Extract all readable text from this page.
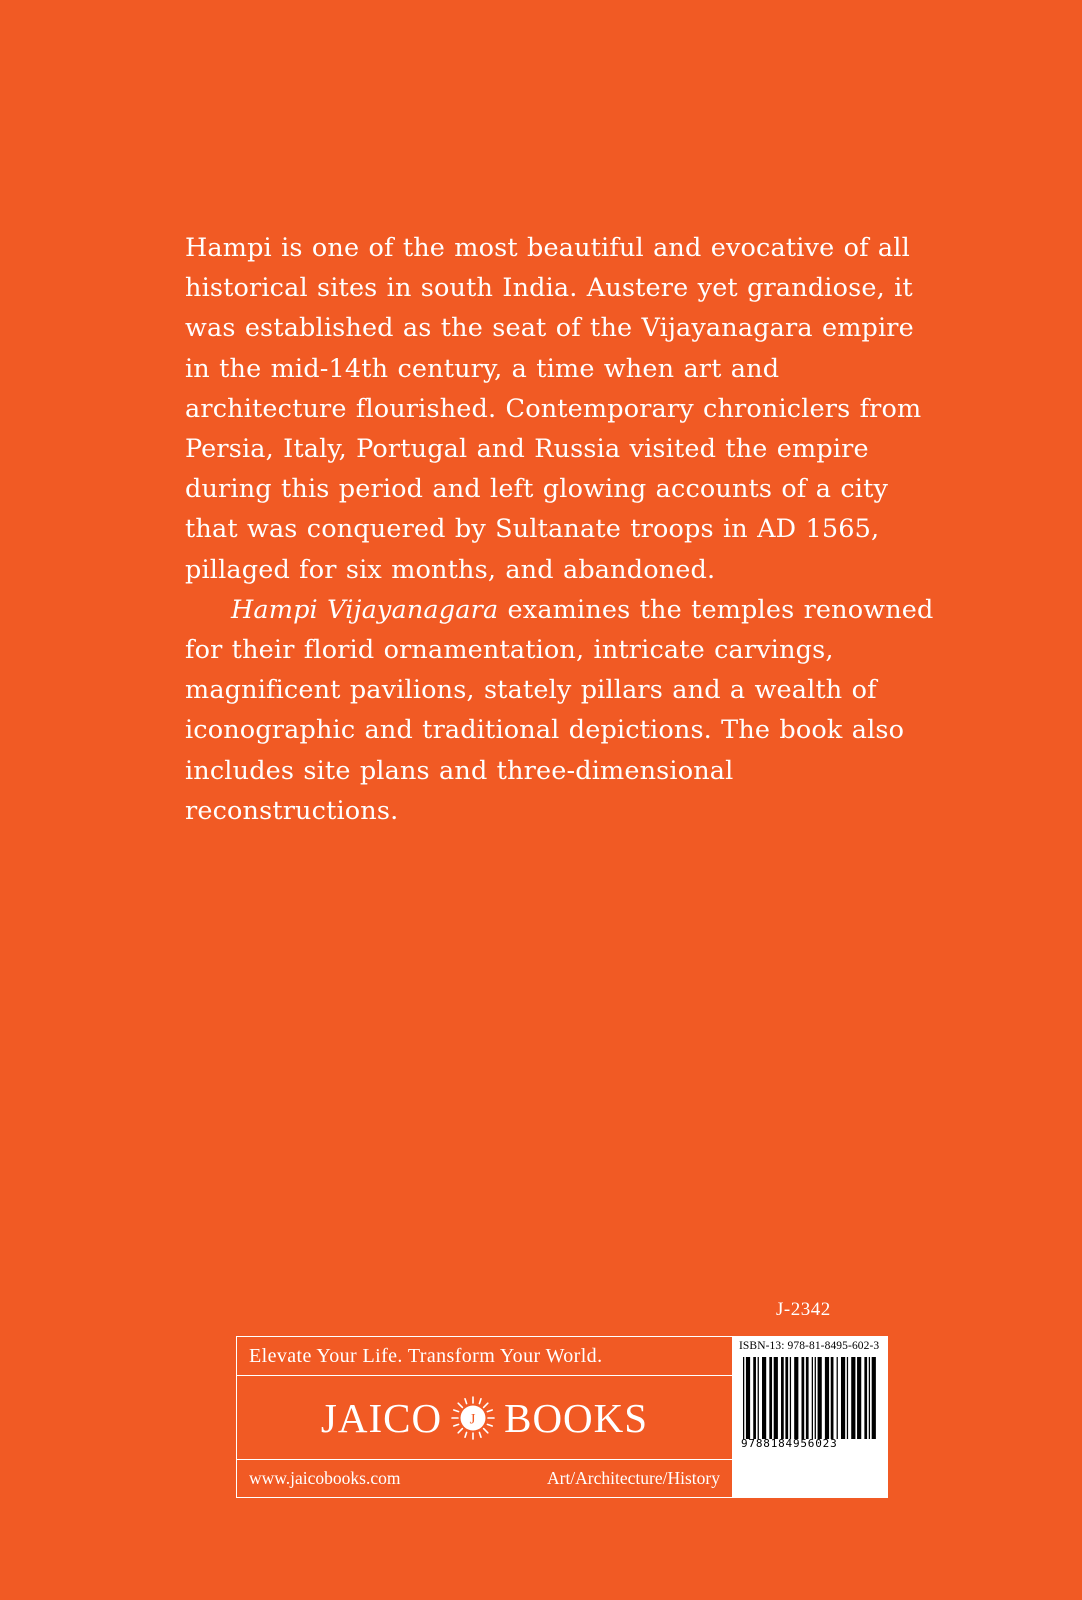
Hampi is one of the most beautiful and evocative of all historical sites in south India. Austere yet grandiose, it was established as the seat of the Vijayanagara empire in the mid-14th century, a time when art and architecture flourished. Contemporary chroniclers from Persia, Italy, Portugal and Russia visited the empire during this period and left glowing accounts of a city that was conquered by Sultanate troops in AD 1565, pillaged for six months, and abandoned.

Hampi Vijayanagara examines the temples renowned for their florid ornamentation, intricate carvings, magnificent pavilions, stately pillars and a wealth of iconographic and traditional depictions. The book also includes site plans and three-dimensional reconstructions.

J-2342
Elevate Your Life. Transform Your World.
JAICO J BOOKS
www.jaicobooks.com	Art/Architecture/History
ISBN-13: 978-81-8495-602-3
9788184956023
